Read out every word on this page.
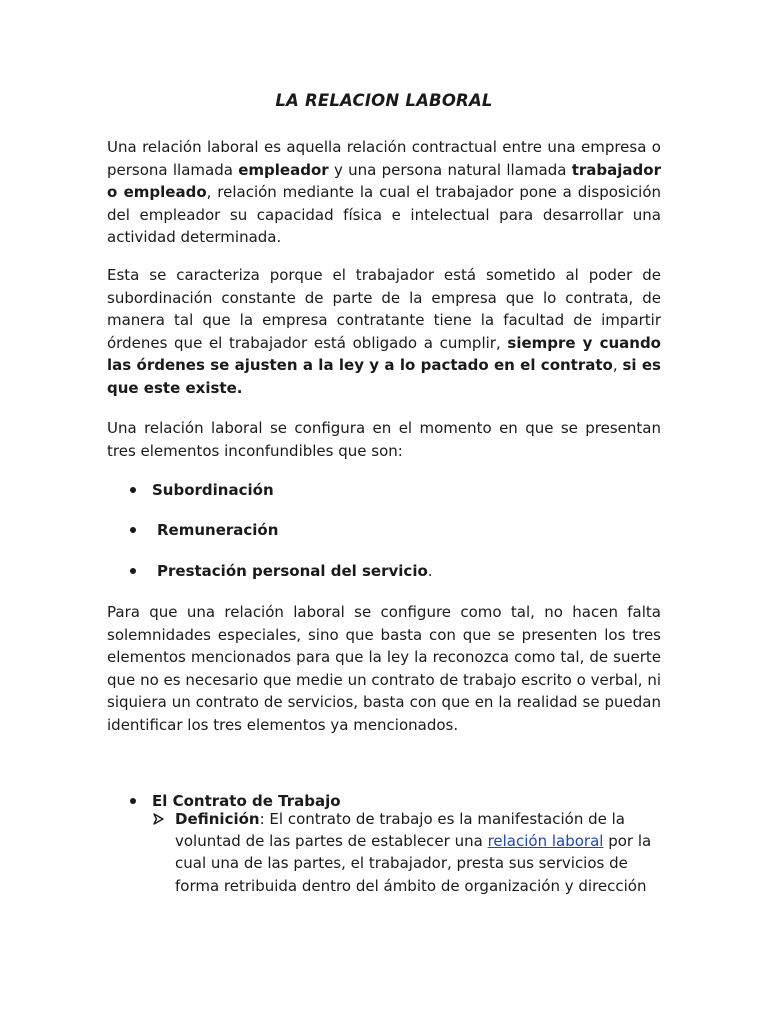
LA RELACION LABORAL
Una relación laboral es aquella relación contractual entre una empresa o persona llamada empleador y una persona natural llamada trabajador o empleado, relación mediante la cual el trabajador pone a disposición del empleador su capacidad física e intelectual para desarrollar una actividad determinada.
Esta se caracteriza porque el trabajador está sometido al poder de subordinación constante de parte de la empresa que lo contrata, de manera tal que la empresa contratante tiene la facultad de impartir órdenes que el trabajador está obligado a cumplir, siempre y cuando las órdenes se ajusten a la ley y a lo pactado en el contrato, si es que este existe.
Una relación laboral se configura en el momento en que se presentan tres elementos inconfundibles que son:
Subordinación
Remuneración
Prestación personal del servicio.
Para que una relación laboral se configure como tal, no hacen falta solemnidades especiales, sino que basta con que se presenten los tres elementos mencionados para que la ley la reconozca como tal, de suerte que no es necesario que medie un contrato de trabajo escrito o verbal, ni siquiera un contrato de servicios, basta con que en la realidad se puedan identificar los tres elementos ya mencionados.
El Contrato de Trabajo
Definición: El contrato de trabajo es la manifestación de la voluntad de las partes de establecer una relación laboral por la cual una de las partes, el trabajador, presta sus servicios de forma retribuida dentro del ámbito de organización y dirección
